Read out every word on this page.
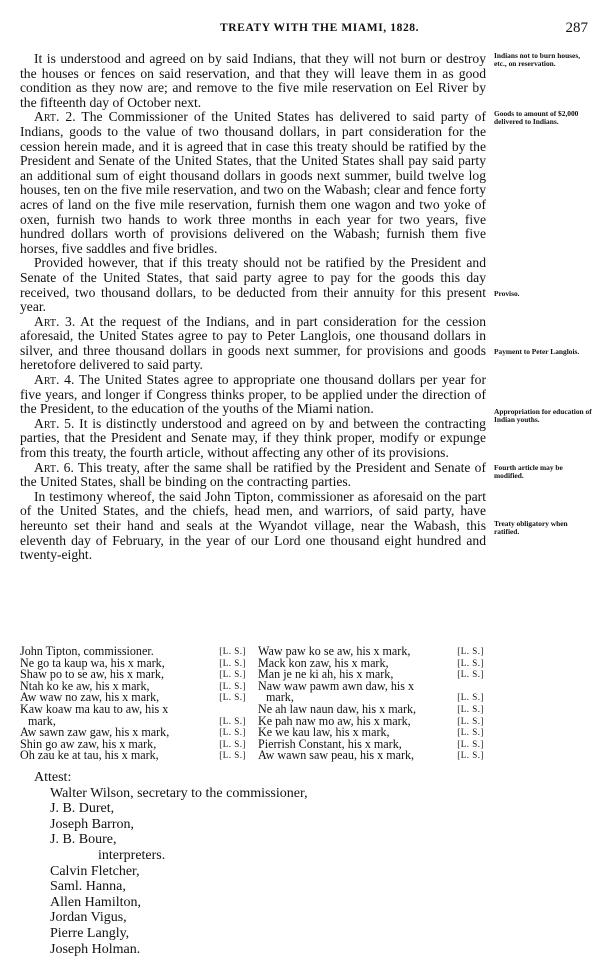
TREATY WITH THE MIAMI, 1828.	287

It is understood and agreed on by said Indians, that they will not burn or destroy the houses or fences on said reservation, and that they will leave them in as good condition as they now are; and remove to the five mile reservation on Eel River by the fifteenth day of October next.

Art. 2. The Commissioner of the United States has delivered to said party of Indians, goods to the value of two thousand dollars, in part consideration for the cession herein made, and it is agreed that in case this treaty should be ratified by the President and Senate of the United States, that the United States shall pay said party an additional sum of eight thousand dollars in goods next summer, build twelve log houses, ten on the five mile reservation, and two on the Wabash; clear and fence forty acres of land on the five mile reservation, furnish them one wagon and two yoke of oxen, furnish two hands to work three months in each year for two years, five hundred dollars worth of provisions delivered on the Wabash; furnish them five horses, five saddles and five bridles.

Provided however, that if this treaty should not be ratified by the President and Senate of the United States, that said party agree to pay for the goods this day received, two thousand dollars, to be deducted from their annuity for this present year.

Art. 3. At the request of the Indians, and in part consideration for the cession aforesaid, the United States agree to pay to Peter Langlois, one thousand dollars in silver, and three thousand dollars in goods next summer, for provisions and goods heretofore delivered to said party.

Art. 4. The United States agree to appropriate one thousand dollars per year for five years, and longer if Congress thinks proper, to be applied under the direction of the President, to the education of the youths of the Miami nation.

Art. 5. It is distinctly understood and agreed on by and between the contracting parties, that the President and Senate may, if they think proper, modify or expunge from this treaty, the fourth article, without affecting any other of its provisions.

Art. 6. This treaty, after the same shall be ratified by the President and Senate of the United States, shall be binding on the contracting parties.

In testimony whereof, the said John Tipton, commissioner as aforesaid on the part of the United States, and the chiefs, head men, and warriors, of said party, have hereunto set their hand and seals at the Wyandot village, near the Wabash, this eleventh day of February, in the year of our Lord one thousand eight hundred and twenty-eight.

Indians not to burn houses, etc., on reservation.
Goods to amount of $2,000 delivered to Indians.
Proviso.
Payment to Peter Langlois.
Appropriation for education of Indian youths.
Fourth article may be modified.
Treaty obligatory when ratified.
John Tipton, commissioner.	[L. S.]
Ne go ta kaup wa, his x mark,	[L. S.]
Shaw po to se aw, his x mark,	[L. S.]
Ntah ko ke aw, his x mark,	[L. S.]
Aw waw no zaw, his x mark,	[L. S.]
Kaw koaw ma kau to aw, his x
mark,	[L. S.]
Aw sawn zaw gaw, his x mark,	[L. S.]
Shin go aw zaw, his x mark,	[L. S.]
Oh zau ke at tau, his x mark,	[L. S.]
Waw paw ko se aw, his x mark,	[L. S.]
Mack kon zaw, his x mark,	[L. S.]
Man je ne ki ah, his x mark,	[L. S.]
Naw waw pawm awn daw, his x
mark,	[L. S.]
Ne ah law naun daw, his x mark,	[L. S.]
Ke pah naw mo aw, his x mark,	[L. S.]
Ke we kau law, his x mark,	[L. S.]
Pierrish Constant, his x mark,	[L. S.]
Aw wawn saw peau, his x mark,	[L. S.]
Attest:
Walter Wilson, secretary to the commissioner,
J. B. Duret,
Joseph Barron,
J. B. Boure,
interpreters.
Calvin Fletcher,
Saml. Hanna,
Allen Hamilton,
Jordan Vigus,
Pierre Langly,
Joseph Holman.
